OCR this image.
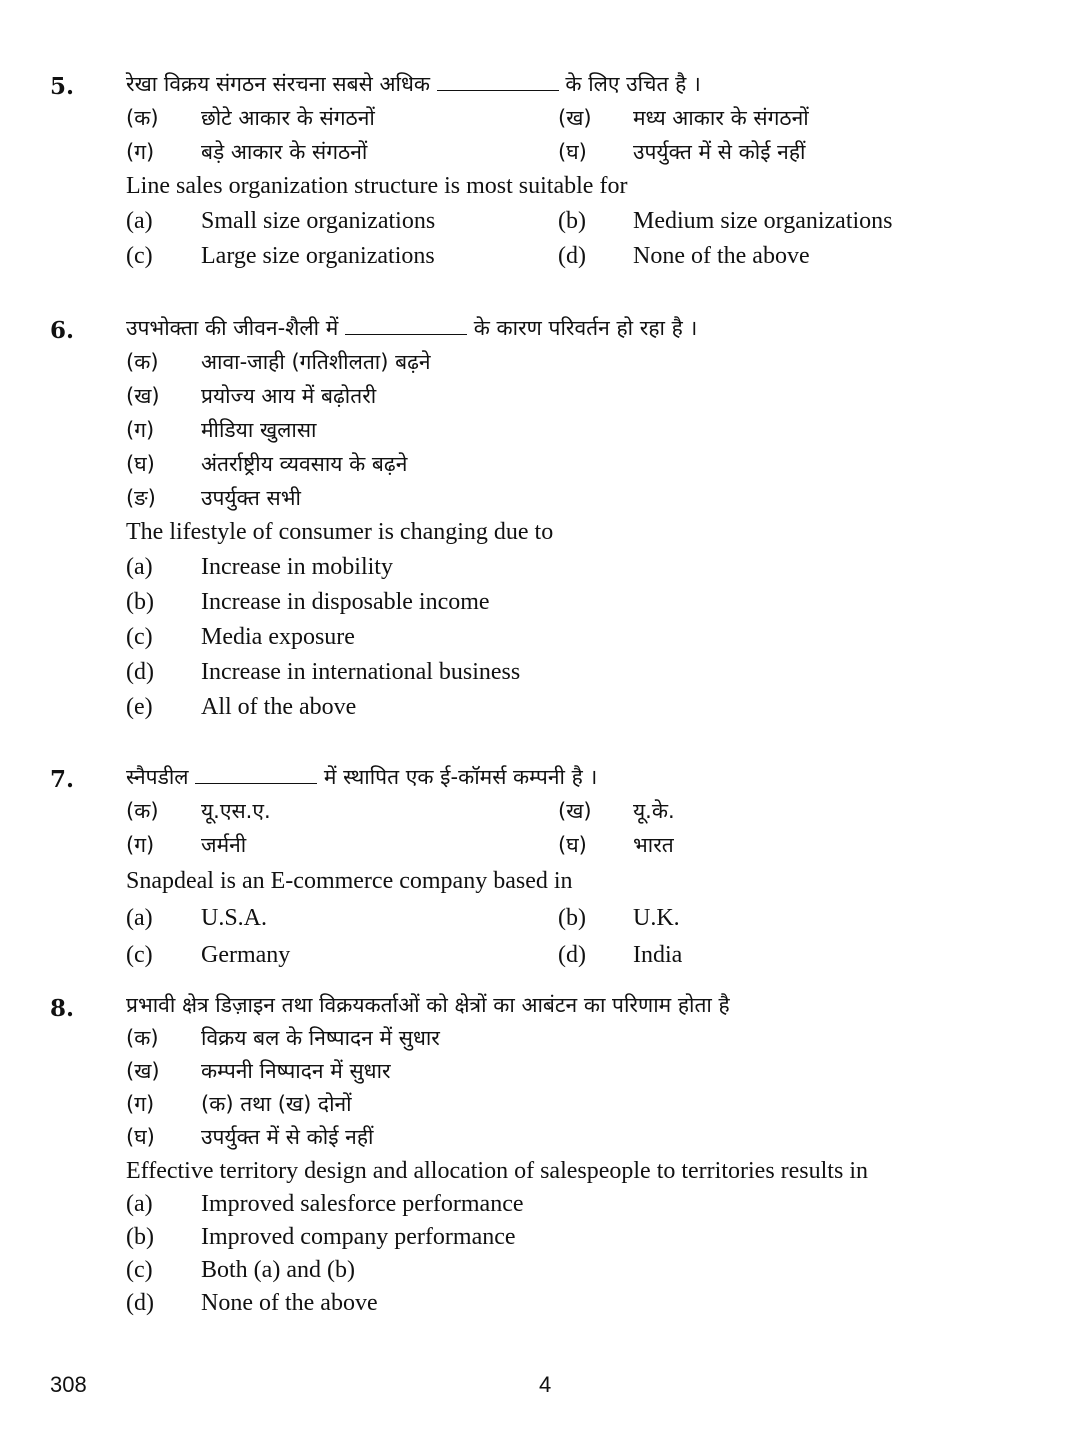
5.	रेखा विक्रय संगठन संरचना सबसे अधिक	के लिए उचित है ।
(क)	छोटे आकार के संगठनों	(ख)	मध्य आकार के संगठनों
(ग)	बड़े आकार के संगठनों	(घ)	उपर्युक्त में से कोई नहीं
Line sales organization structure is most suitable for
(a)	Small size organizations	(b)	Medium size organizations
(c)	Large size organizations	(d)	None of the above
6.	उपभोक्ता की जीवन-शैली में	के कारण परिवर्तन हो रहा है ।
(क)	आवा-जाही (गतिशीलता) बढ़ने
(ख)	प्रयोज्य आय में बढ़ोतरी
(ग)	मीडिया खुलासा
(घ)	अंतर्राष्ट्रीय व्यवसाय के बढ़ने
(ङ)	उपर्युक्त सभी
The lifestyle of consumer is changing due to
(a)	Increase in mobility
(b)	Increase in disposable income
(c)	Media exposure
(d)	Increase in international business
(e)	All of the above
7.	स्नैपडील	में स्थापित एक ई-कॉमर्स कम्पनी है ।
(क)	यू.एस.ए.	(ख)	यू.के.
(ग)	जर्मनी	(घ)	भारत
Snapdeal is an E-commerce company based in
(a)	U.S.A.	(b)	U.K.
(c)	Germany	(d)	India
8.	प्रभावी क्षेत्र डिज़ाइन तथा विक्रयकर्ताओं को क्षेत्रों का आबंटन का परिणाम होता है
(क)	विक्रय बल के निष्पादन में सुधार
(ख)	कम्पनी निष्पादन में सुधार
(ग)	(क) तथा (ख) दोनों
(घ)	उपर्युक्त में से कोई नहीं
Effective territory design and allocation of salespeople to territories results in
(a)	Improved salesforce performance
(b)	Improved company performance
(c)	Both (a) and (b)
(d)	None of the above
308	4
